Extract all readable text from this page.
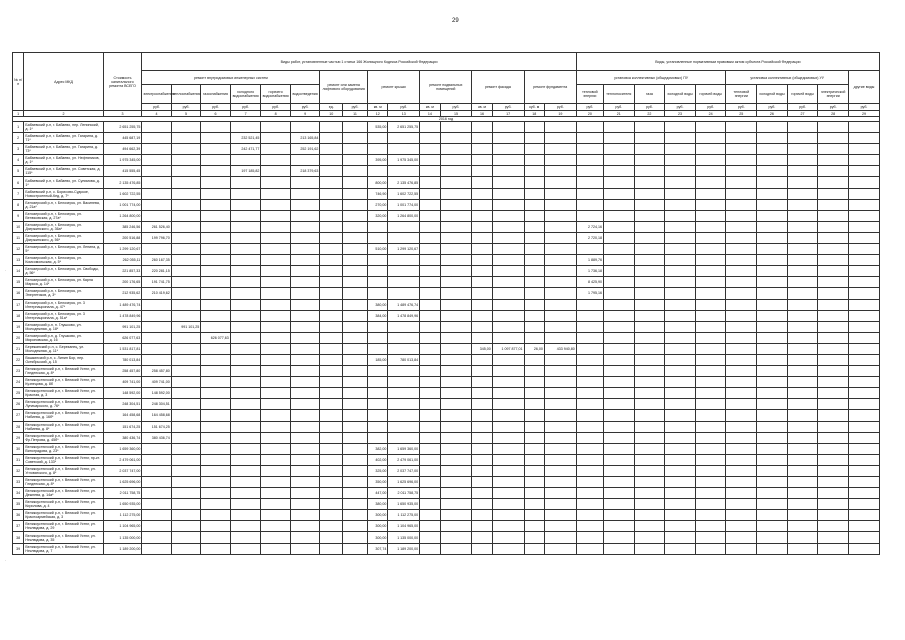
29
·
·
№ п/п	Адрес МКД	Стоимость капитального ремонта ВСЕГО	Виды работ, установленные частью 1 статьи 166 Жилищного Кодекса Российской Федерации																Виды, установленные нормативным правовым актом субъекта Российской Федерации									
			ремонт внутридомовых инженерных систем						ремонт или замена лифтового оборудования		ремонт крыши		ремонт подвальных помещений		ремонт фасада		ремонт фундамента		установка коллективных (общедомовых) ПУ					установка коллективных (общедомовых) УУ				другие виды
			электроснабжения	теплоснабжения	газоснабжения	холодного водоснабжения	горячего водоснабжения	водоотведения											тепловой энергии	теплоносителя	газа	холодной воды	горячей воды	тепловой энергии	холодной воды	горячей воды	электрической энергии	
			руб.	руб.	руб.	руб.	руб.	руб.	ед.	руб.	кв. м	руб.	кв. м	руб.	кв. м	руб.	куб. м	руб.	руб.	руб.	руб.	руб.	руб.	руб.	руб.	руб.	руб.	руб.
1	2	3	4	5	6	7	8	9	10	11	12	13	14	15	16	17	18	19	20	21	22	23	24	25	26	27	28	29
2016 год																												
1	Бабаевский р-н, г. Бабаево, пер. Ленинский, д. 1*	2 651 255,75									535,00	2 651 255,75																
2	Бабаевский р-н, г. Бабаево, ул. Гагарина, д. 71*	445 687,19				232 521,45		213 165,84																				
3	Бабаевский р-н, г. Бабаево, ул. Гагарина, д. 73*	494 662,39				242 471,77		252 191,62																				
4	Бабаевский р-н, г. Бабаево, ул. Нефтяников, д. 1*	1 975 345,00									395,00	1 975 345,00																
5	Бабаевский р-н, г. Бабаево, ул. Советская, д. 115*	415 555,45				197 185,82		218 379,63																				
6	Бабаевский р-н, г. Бабаево, ул. Сулимова, д. 1*	2 135 476,85									800,00	2 135 476,85																
7	Бабаевский р-н, с. Борисово-Судское, Новостроенный-Кед, д. 7*	1 602 722,55									746,90	1 602 722,55																
8	Белозерский р-н, г. Белозерск, ул. Васинева, д. 21а*	1 001 774,00									270,00	1 001 774,00																
9	Белозерский р-н, г. Белозерск, ул. Венюковская, д. 27а*	1 264 800,00									320,00	1 264 800,00																
10	Белозерский р-н, г. Белозерск, ул. Дзержинского, д. 36а*	385 246,56	261 526,40																2 724,16									
11	Белозерский р-н, г. Белозерск, ул. Дзержинского, д. 56*	200 516,88	199 796,70																2 720,18									
12	Белозерский р-н, г. Белозерск, ул. Ленина, д. 5*	1 299 120,67									510,00	1 299 120,67																
13	Белозерский р-н, г. Белозерск, ул. Комсомольская, д. 5*	262 055,11	260 167,35																1 889,76									
14	Белозерский р-н, г. Белозерск, ул. Свободы, д. 56*	221 857,33	220 281,15																1 736,18									
15	Белозерский р-н, г. Белозерск, ул. Карла Маркса, д. 14*	200 176,65	191 741,75																8 425,90									
16	Белозерский р-н, г. Белозерск, ул. Энергетиков, д. 3*	212 935,62	210 419,62																1 795,16									
17	Белозерский р-н, г. Белозерск, ул. 3 Интернационала, д. 47*	1 489 476,74									380,00	1 489 476,74																
18	Белозерский р-н, г. Белозерск, ул. 3 Интернационала, д. 51а*	1 478 849,96									384,00	1 478 849,96																
19	Белозерский р-н, п. Глушково, ул. Молодежная, д. 18*	991 101,25		991 101,25																								
20	Белозерский р-н, д. Глушково, ул. Мироновская, д. 16	626 077,63			626 077,63																							
21	Бережанский р-н, с. Березанец, ул. Молодежная, д. 11*	1 531 817,81													345,00	1 097 877,01	26,00	433 940,80										
22	Вашкинский р-н, с. Липин Бор, пер. Октябрьский, д. 15	780 013,84									185,00	780 013,84																
23	Великоустюгский р-н, г. Великий Устюг, ул. Гледенская, д. 8*	258 457,80	258 457,80																									
24	Великоустюгский р-н, г. Великий Устюг, ул. Кузнецова, д. 8б	409 741,00	409 741,00																									
25	Великоустюгский р-н, г. Великий Устюг, ул. Красная, д. 3	148 592,00	148 592,00																									
26	Великоустюгский р-н, г. Великий Устюг, ул. Луначарского, д. 76*	248 304,51	248 304,51																									
27	Великоустюгский р-н, г. Великий Устюг, ул. Набиева, д. 16б*	164 458,68	164 458,68																									
28	Великоустюгский р-н, г. Великий Устюг, ул. Набиева, д. 8*	151 674,25	151 674,25																									
29	Великоустюгский р-н, г. Великий Устюг, ул. Фр.Петрова, д. 45б*	380 436,74	380 436,74																									
30	Великоустюгский р-н, г. Великий Устюг, ул. Виноградова, д. 23*	1 659 360,00									382,00	1 659 360,00																
31	Великоустюгский р-н, г. Великий Устюг, пр-кт. Советский, д. 133*	2 479 061,00									402,00	2 479 061,00																
32	Великоустюгский р-н, г. Великий Устюг, ул. Угловатского, д. 8*	2 037 747,00									325,00	2 037 747,00																
33	Великоустюгский р-н, г. Великий Устюг, ул. Гледенская, д. 8*	1 625 696,00									350,00	1 625 696,00																
34	Великоустюгский р-н, г. Великий Устюг, ул. Дежнева, д. 14а*	2 011 758,75									447,00	2 011 758,75																
35	Великоустюгский р-н, г. Великий Устюг, ул. Кирилова, д. 4	1 650 935,00									380,00	1 650 935,00																
36	Великоустюгский р-н, г. Великий Устюг, ул. Красноармейская, д. 3	1 112 275,00									300,00	1 112 275,00																
37	Великоустюгский р-н, г. Великий Устюг, ул. Неклюдова, д. 29	1 104 965,00									300,00	1 104 965,00																
38	Великоустюгский р-н, г. Великий Устюг, ул. Неклюдова, д. 35	1 135 000,00									300,00	1 135 000,00																
39	Великоустюгский р-н, г. Великий Устюг, ул. Неклюдова, д. 7	1 189 200,00									307,74	1 189 200,00																
